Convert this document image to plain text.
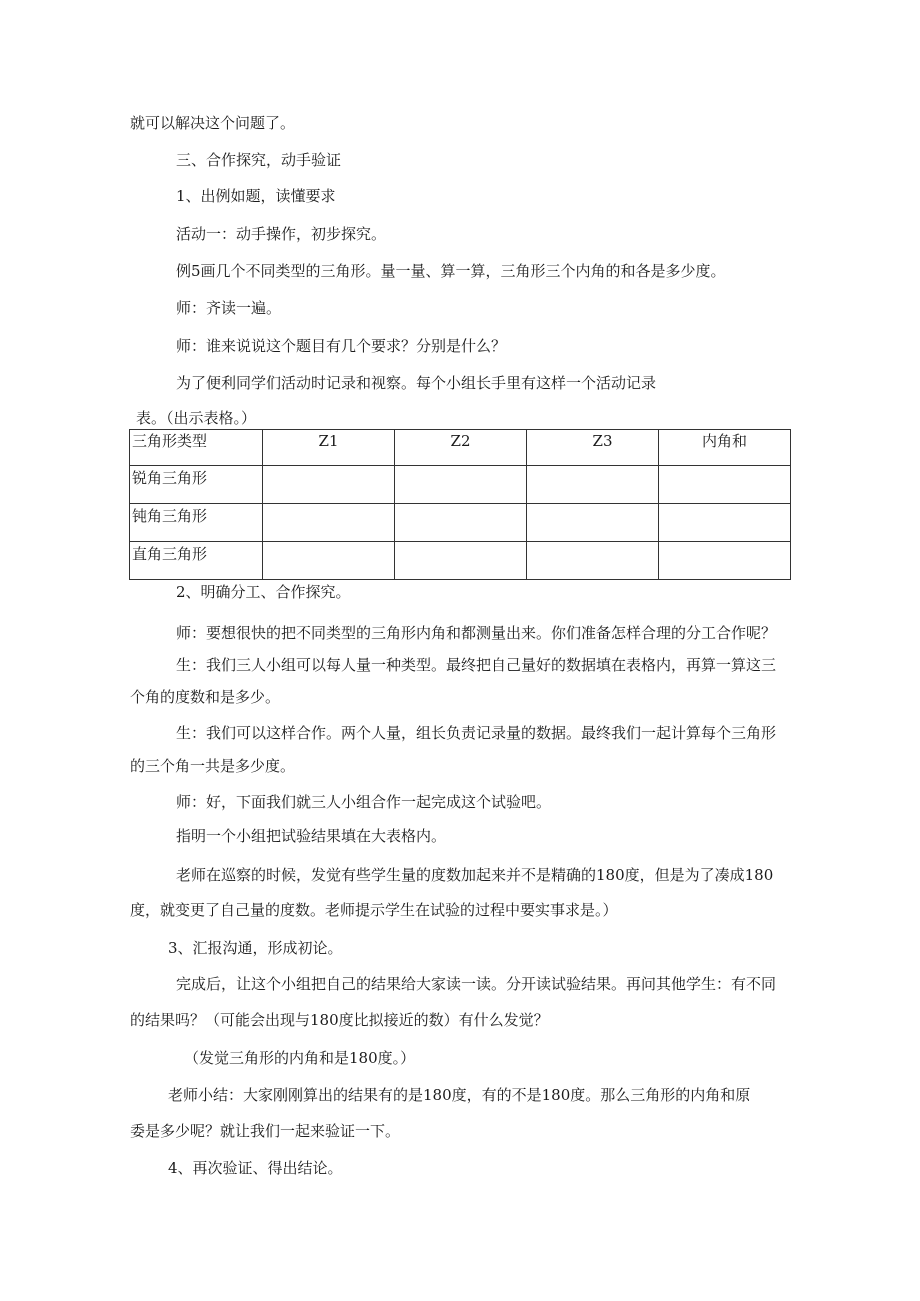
就可以解决这个问题了。

三、合作探究，动手验证

1、出例如题，读懂要求

活动一：动手操作，初步探究。

例5画几个不同类型的三角形。量一量、算一算，三角形三个内角的和各是多少度。

师：齐读一遍。

师：谁来说说这个题目有几个要求？分别是什么？

为了便利同学们活动时记录和视察。每个小组长手里有这样一个活动记录

表。（出示表格。）

三角形类型	Z1	Z2	Z3	内角和
锐角三角形				
钝角三角形				
直角三角形				

2、明确分工、合作探究。

师：要想很快的把不同类型的三角形内角和都测量出来。你们准备怎样合理的分工合作呢？

生：我们三人小组可以每人量一种类型。最终把自己量好的数据填在表格内，再算一算这三

个角的度数和是多少。

生：我们可以这样合作。两个人量，组长负责记录量的数据。最终我们一起计算每个三角形

的三个角一共是多少度。

师：好，下面我们就三人小组合作一起完成这个试验吧。

指明一个小组把试验结果填在大表格内。

老师在巡察的时候，发觉有些学生量的度数加起来并不是精确的180度，但是为了凑成180

度，就变更了自己量的度数。老师提示学生在试验的过程中要实事求是。）

3、汇报沟通，形成初论。

完成后，让这个小组把自己的结果给大家读一读。分开读试验结果。再问其他学生：有不同

的结果吗？（可能会出现与180度比拟接近的数）有什么发觉？

（发觉三角形的内角和是180度。）

老师小结：大家刚刚算出的结果有的是180度，有的不是180度。那么三角形的内角和原

委是多少呢？就让我们一起来验证一下。

4、再次验证、得出结论。
